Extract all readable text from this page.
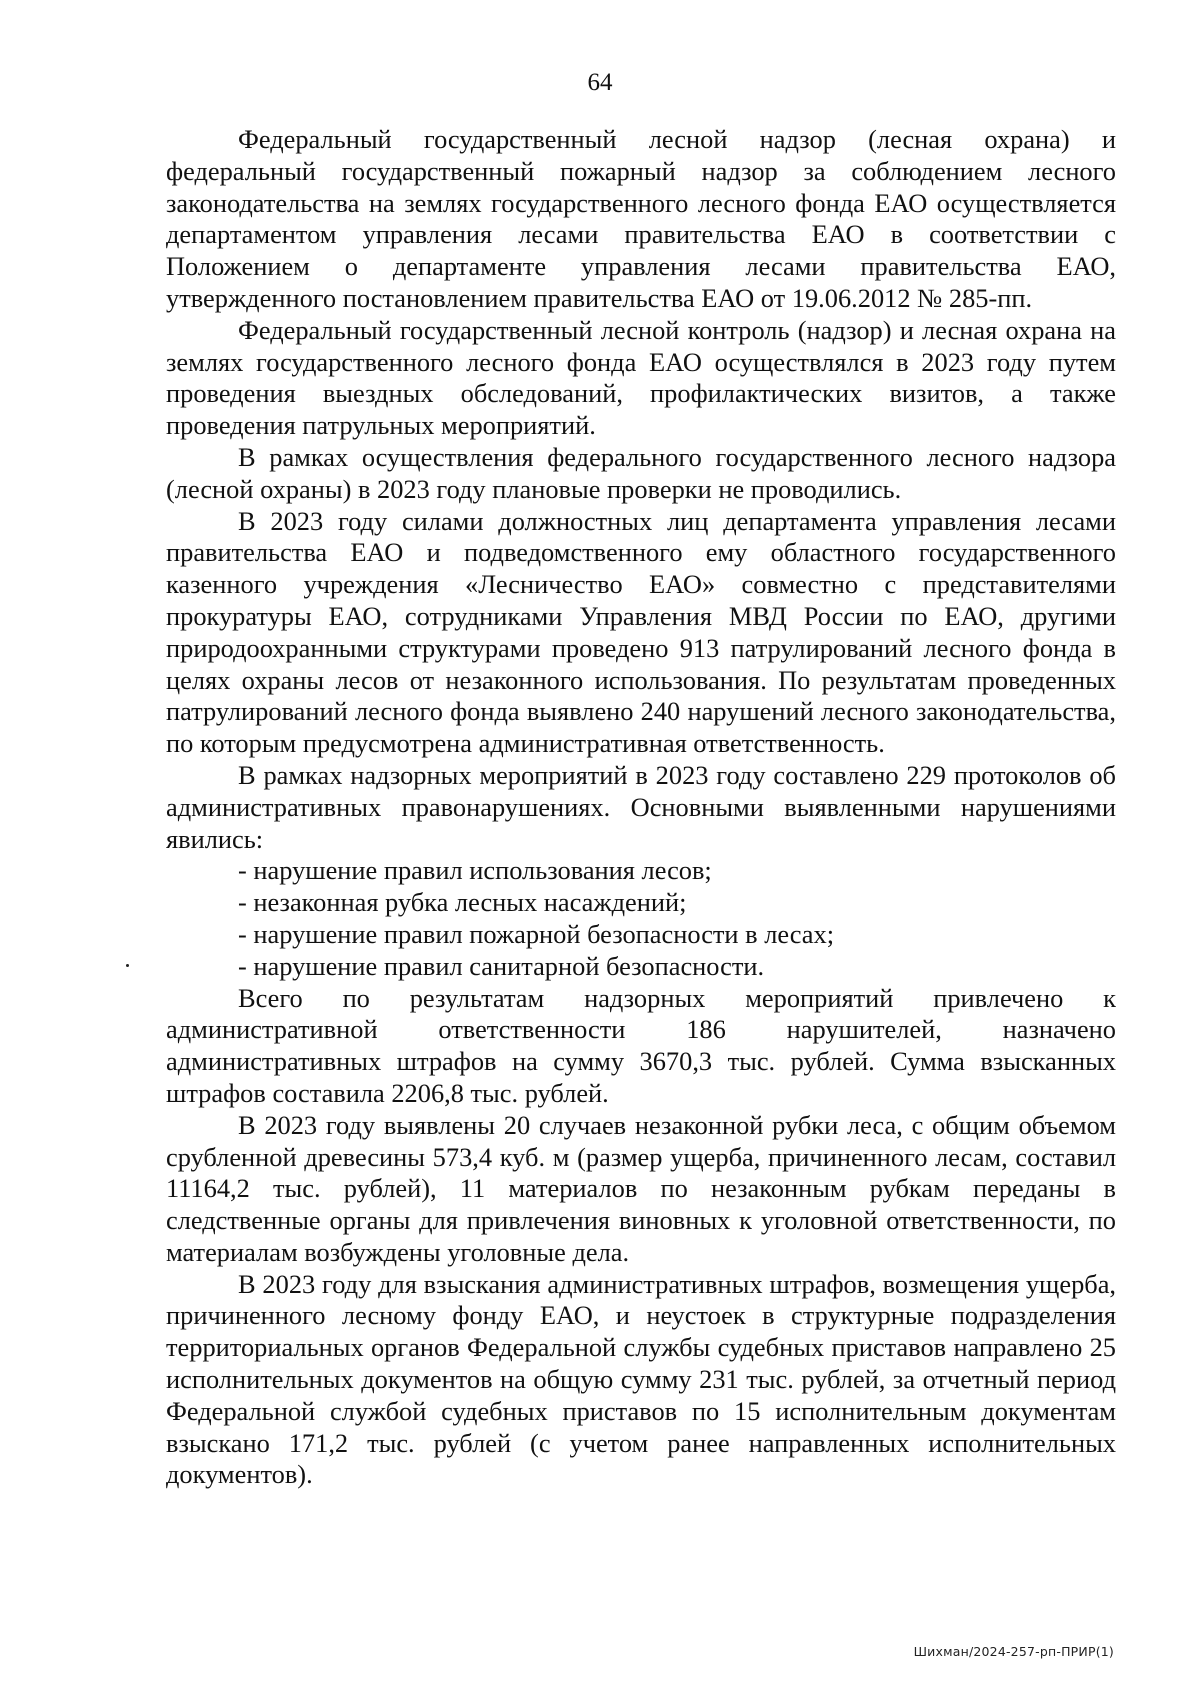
64

Федеральный государственный лесной надзор (лесная охрана) и федеральный государственный пожарный надзор за соблюдением лесного законодательства на землях государственного лесного фонда ЕАО осуществляется департаментом управления лесами правительства ЕАО в соответствии с Положением о департаменте управления лесами правительства ЕАО, утвержденного постановлением правительства ЕАО от 19.06.2012 № 285-пп.

Федеральный государственный лесной контроль (надзор) и лесная охрана на землях государственного лесного фонда ЕАО осуществлялся в 2023 году путем проведения выездных обследований, профилактических визитов, а также проведения патрульных мероприятий.

В рамках осуществления федерального государственного лесного надзора (лесной охраны) в 2023 году плановые проверки не проводились.

В 2023 году силами должностных лиц департамента управления лесами правительства ЕАО и подведомственного ему областного государственного казенного учреждения «Лесничество ЕАО» совместно с представителями прокуратуры ЕАО, сотрудниками Управления МВД России по ЕАО, другими природоохранными структурами проведено 913 патрулирований лесного фонда в целях охраны лесов от незаконного использования. По результатам проведенных патрулирований лесного фонда выявлено 240 нарушений лесного законодательства, по которым предусмотрена административная ответственность.

В рамках надзорных мероприятий в 2023 году составлено 229 протоколов об административных правонарушениях. Основными выявленными нарушениями явились:

- нарушение правил использования лесов;

- незаконная рубка лесных насаждений;

- нарушение правил пожарной безопасности в лесах;

- нарушение правил санитарной безопасности.

Всего по результатам надзорных мероприятий привлечено к административной ответственности 186 нарушителей, назначено административных штрафов на сумму 3670,3 тыс. рублей. Сумма взысканных штрафов составила 2206,8 тыс. рублей.

В 2023 году выявлены 20 случаев незаконной рубки леса, с общим объемом срубленной древесины 573,4 куб. м (размер ущерба, причиненного лесам, составил 11164,2 тыс. рублей), 11 материалов по незаконным рубкам переданы в следственные органы для привлечения виновных к уголовной ответственности, по материалам возбуждены уголовные дела.

В 2023 году для взыскания административных штрафов, возмещения ущерба, причиненного лесному фонду ЕАО, и неустоек в структурные подразделения территориальных органов Федеральной службы судебных приставов направлено 25 исполнительных документов на общую сумму 231 тыс. рублей, за отчетный период Федеральной службой судебных приставов по 15 исполнительным документам взыскано 171,2 тыс. рублей (с учетом ранее направленных исполнительных документов).

Шихман/2024-257-рп-ПРИР(1)
